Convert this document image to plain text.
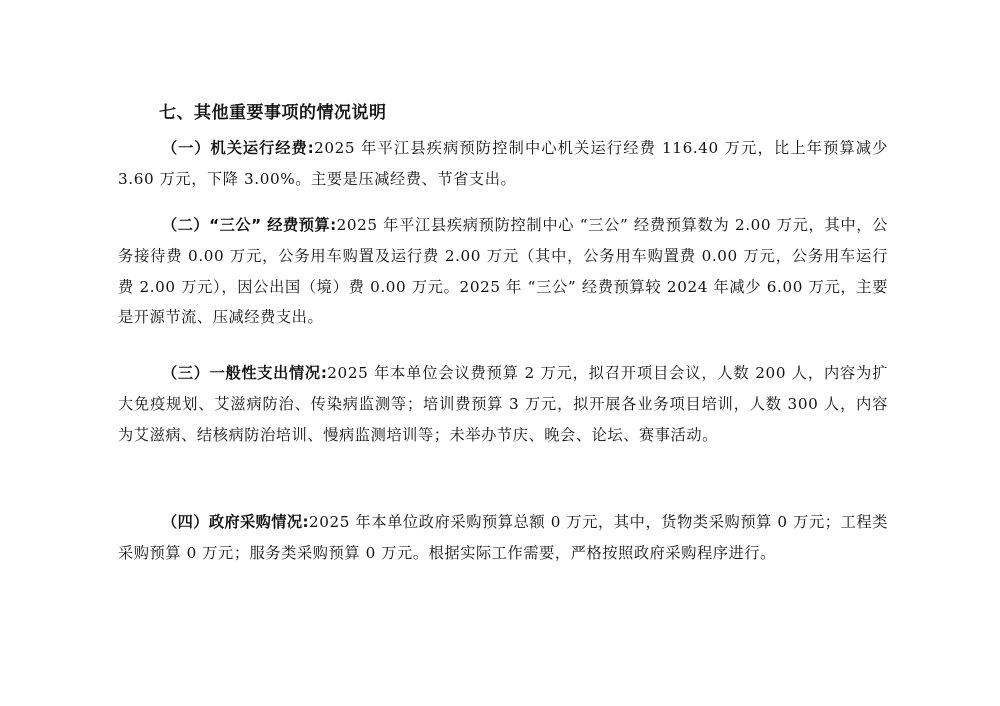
七、其他重要事项的情况说明

（一）机关运行经费:2025 年平江县疾病预防控制中心机关运行经费 116.40 万元，比上年预算减少 3.60 万元，下降 3.00%。主要是压减经费、节省支出。

（二）“三公” 经费预算:2025 年平江县疾病预防控制中心 “三公” 经费预算数为 2.00 万元，其中，公务接待费 0.00 万元，公务用车购置及运行费 2.00 万元（其中，公务用车购置费 0.00 万元，公务用车运行费 2.00 万元），因公出国（境）费 0.00 万元。2025 年 “三公” 经费预算较 2024 年减少 6.00 万元，主要是开源节流、压减经费支出。

（三）一般性支出情况:2025 年本单位会议费预算 2 万元，拟召开项目会议，人数 200 人，内容为扩大免疫规划、艾滋病防治、传染病监测等；培训费预算 3 万元，拟开展各业务项目培训，人数 300 人，内容为艾滋病、结核病防治培训、慢病监测培训等；未举办节庆、晚会、论坛、赛事活动。

（四）政府采购情况:2025 年本单位政府采购预算总额 0 万元，其中，货物类采购预算 0 万元；工程类采购预算 0 万元；服务类采购预算 0 万元。根据实际工作需要，严格按照政府采购程序进行。
